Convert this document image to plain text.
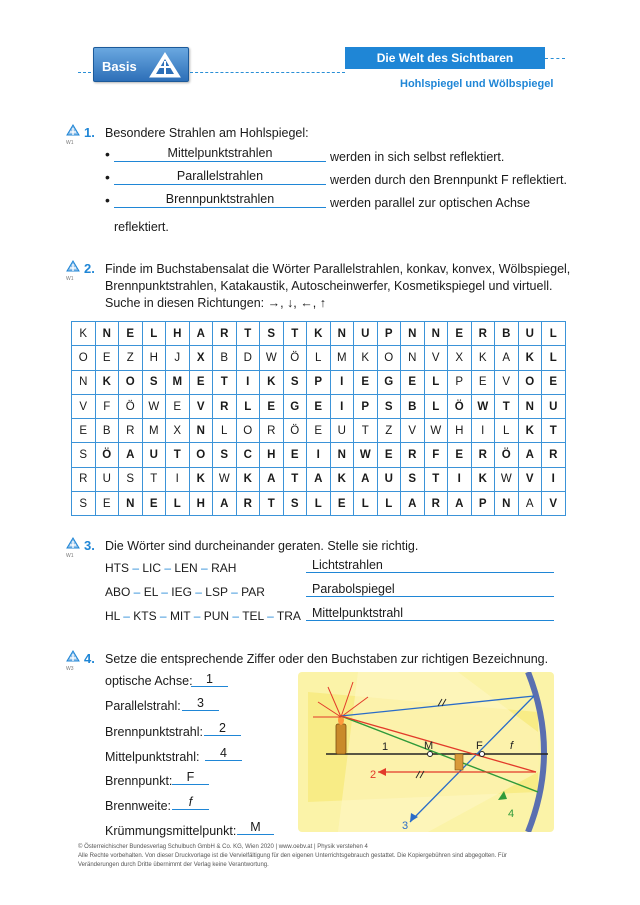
Basis
Die Welt des Sichtbaren
Hohlspiegel und Wölbspiegel
W1
1. Besondere Strahlen am Hohlspiegel:
•	Mittelpunktstrahlen	werden in sich selbst reflektiert.
•	Parallelstrahlen	werden durch den Brennpunkt F reflektiert.
•	Brennpunktstrahlen	werden parallel zur optischen Achse
reflektiert.
W1
2. Finde im Buchstabensalat die Wörter Parallelstrahlen, konkav, konvex, Wölbspiegel,
Brennpunktstrahlen, Katakaustik, Autoscheinwerfer, Kosmetikspiegel und virtuell.
Suche in diesen Richtungen: →, ↓, ←, ↑
K	N	E	L	H	A	R	T	S	T	K	N	U	P	N	N	E	R	B	U	L
O	E	Z	H	J	X	B	D	W	Ö	L	M	K	O	N	V	X	K	A	K	L
N	K	O	S	M	E	T	I	K	S	P	I	E	G	E	L	P	E	V	O	E
V	F	Ö	W	E	V	R	L	E	G	E	I	P	S	B	L	Ö	W	T	N	U
E	B	R	M	X	N	L	O	R	Ö	E	U	T	Z	V	W	H	I	L	K	T
S	Ö	A	U	T	O	S	C	H	E	I	N	W	E	R	F	E	R	Ö	A	R
R	U	S	T	I	K	W	K	A	T	A	K	A	U	S	T	I	K	W	V	I
S	E	N	E	L	H	A	R	T	S	L	E	L	L	A	R	A	P	N	A	V
W1
3. Die Wörter sind durcheinander geraten. Stelle sie richtig.
HTS – LIC – LEN – RAH	Lichtstrahlen
ABO – EL – IEG – LSP – PAR	Parabolspiegel
HL – KTS – MIT – PUN – TEL – TRA Mittelpunktstrahl
W3
4. Setze die entsprechende Ziffer oder den Buchstaben zur richtigen Bezeichnung.
optische Achse:	1
Parallelstrahl:	3
Brennpunktstrahl:	2
Mittelpunktstrahl:	4
Brennpunkt:	F
Brennweite:	f
Krümmungsmittelpunkt:	M
1	M	F f
2
3
4
© Österreichischer Bundesverlag Schulbuch GmbH & Co. KG, Wien 2020 | www.oebv.at | Physik verstehen 4
Alle Rechte vorbehalten. Von dieser Druckvorlage ist die Vervielfältigung für den eigenen Unterrichtsgebrauch gestattet. Die Kopiergebühren sind abgegolten. Für
Veränderungen durch Dritte übernimmt der Verlag keine Verantwortung.
